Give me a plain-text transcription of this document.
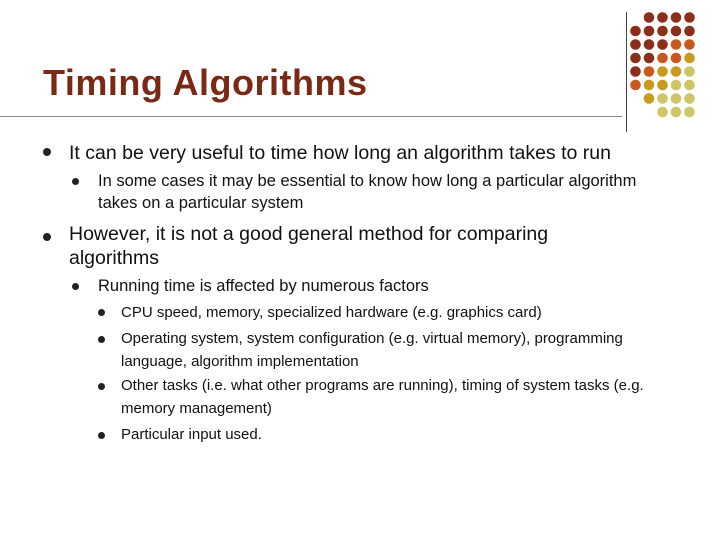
Timing Algorithms
It can be very useful to time how long an algorithm takes to run
In some cases it may be essential to know how long a particular algorithm takes on a particular system
However, it is not a good general method for comparing algorithms
Running time is affected by numerous factors
CPU speed, memory, specialized hardware (e.g. graphics card)
Operating system, system configuration (e.g. virtual memory), programming language, algorithm implementation
Other tasks (i.e. what other programs are running), timing of system tasks (e.g. memory management)
Particular input used.
